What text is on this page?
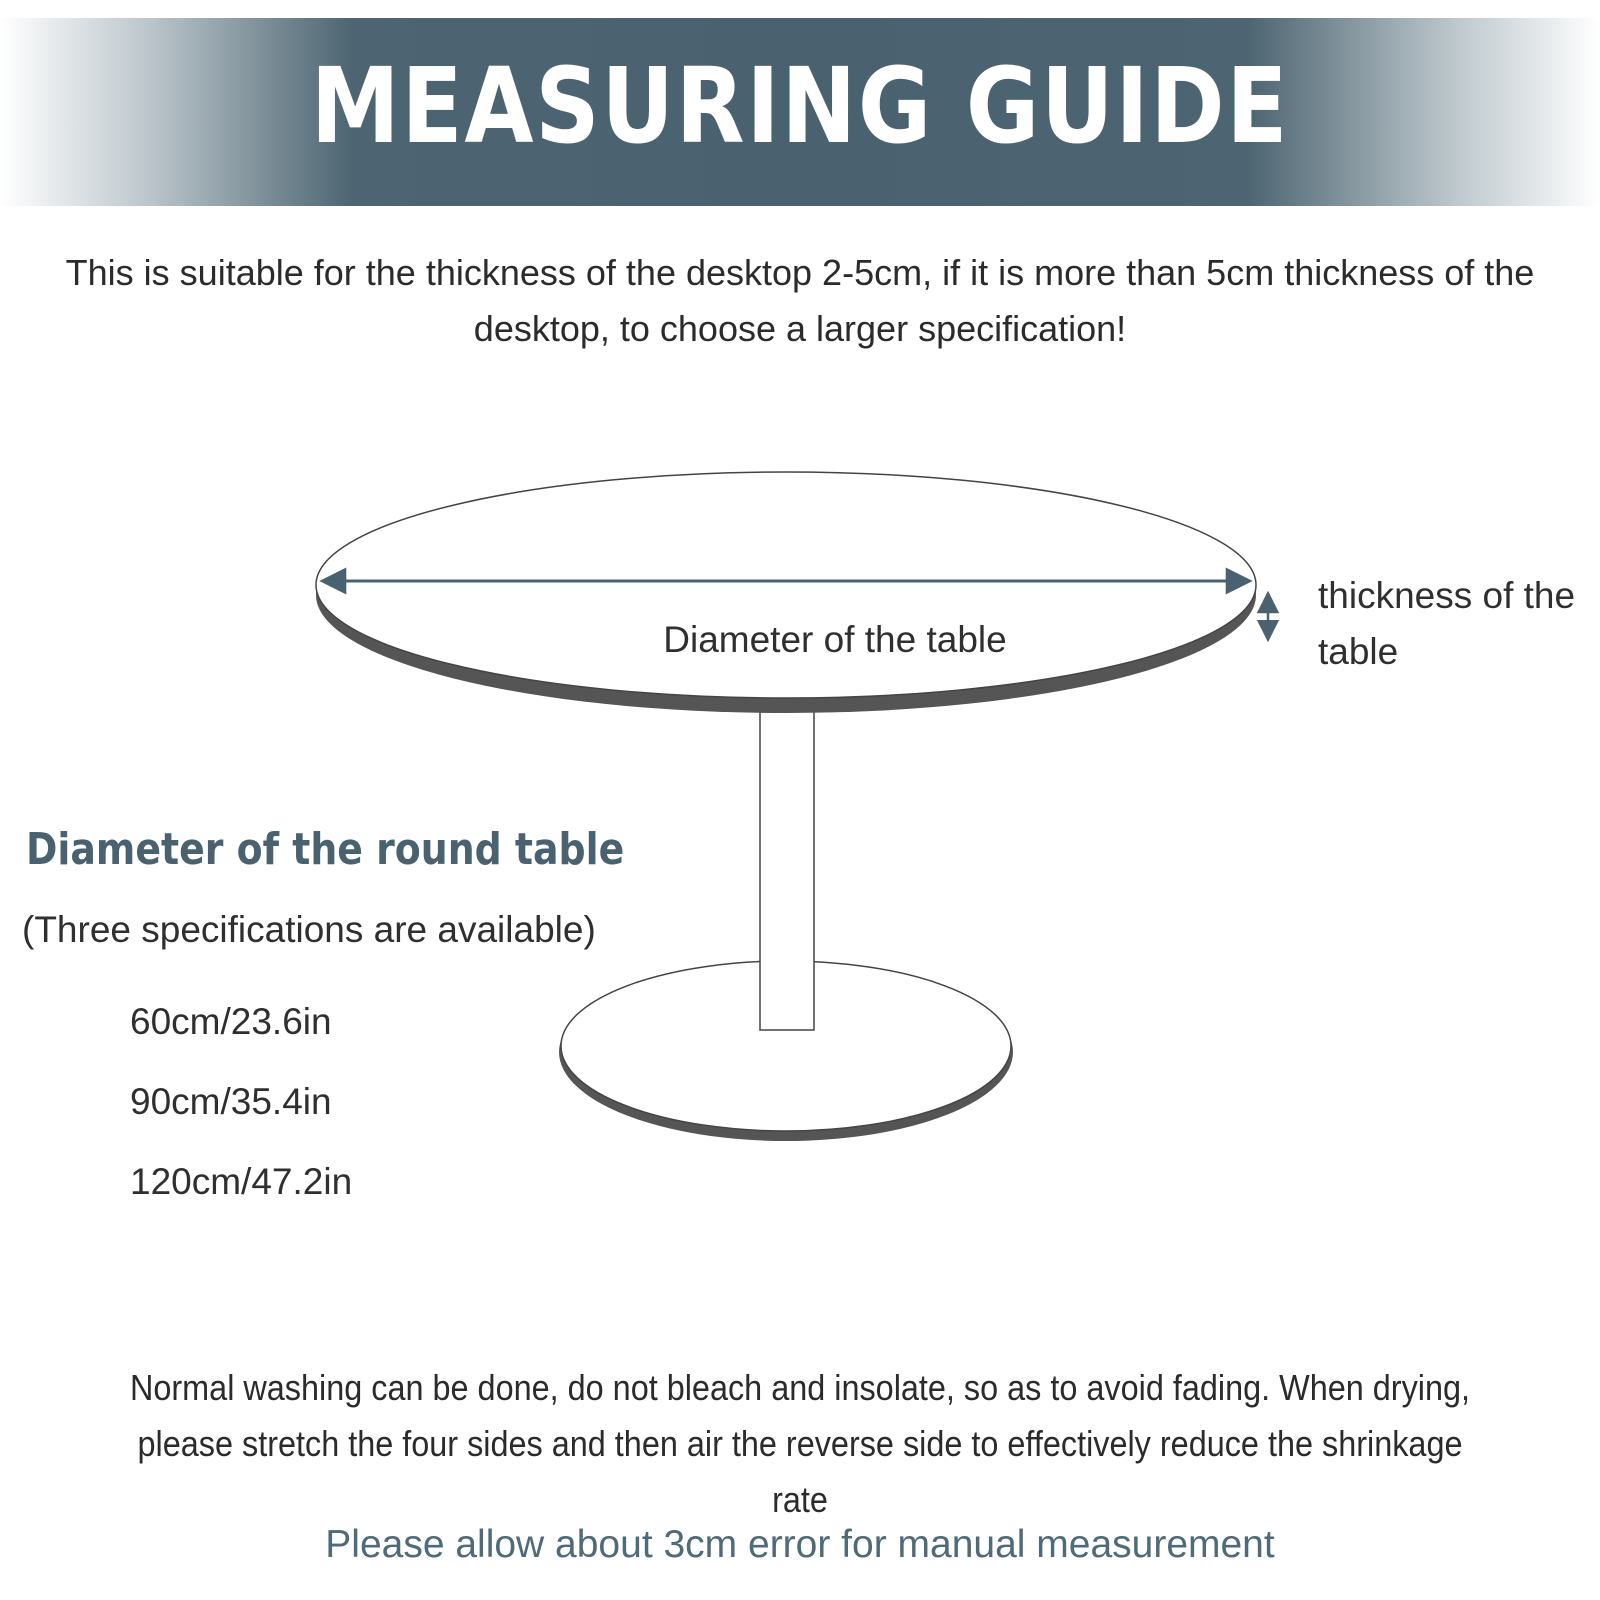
MEASURING GUIDE
This is suitable for the thickness of the desktop 2-5cm, if it is more than 5cm thickness of the desktop, to choose a larger specification!
Diameter of the table
thickness of the table
Diameter of the round table
(Three specifications are available)
60cm/23.6in
90cm/35.4in
120cm/47.2in
Normal washing can be done, do not bleach and insolate, so as to avoid fading. When drying, please stretch the four sides and then air the reverse side to effectively reduce the shrinkage rate
Please allow about 3cm error for manual measurement
